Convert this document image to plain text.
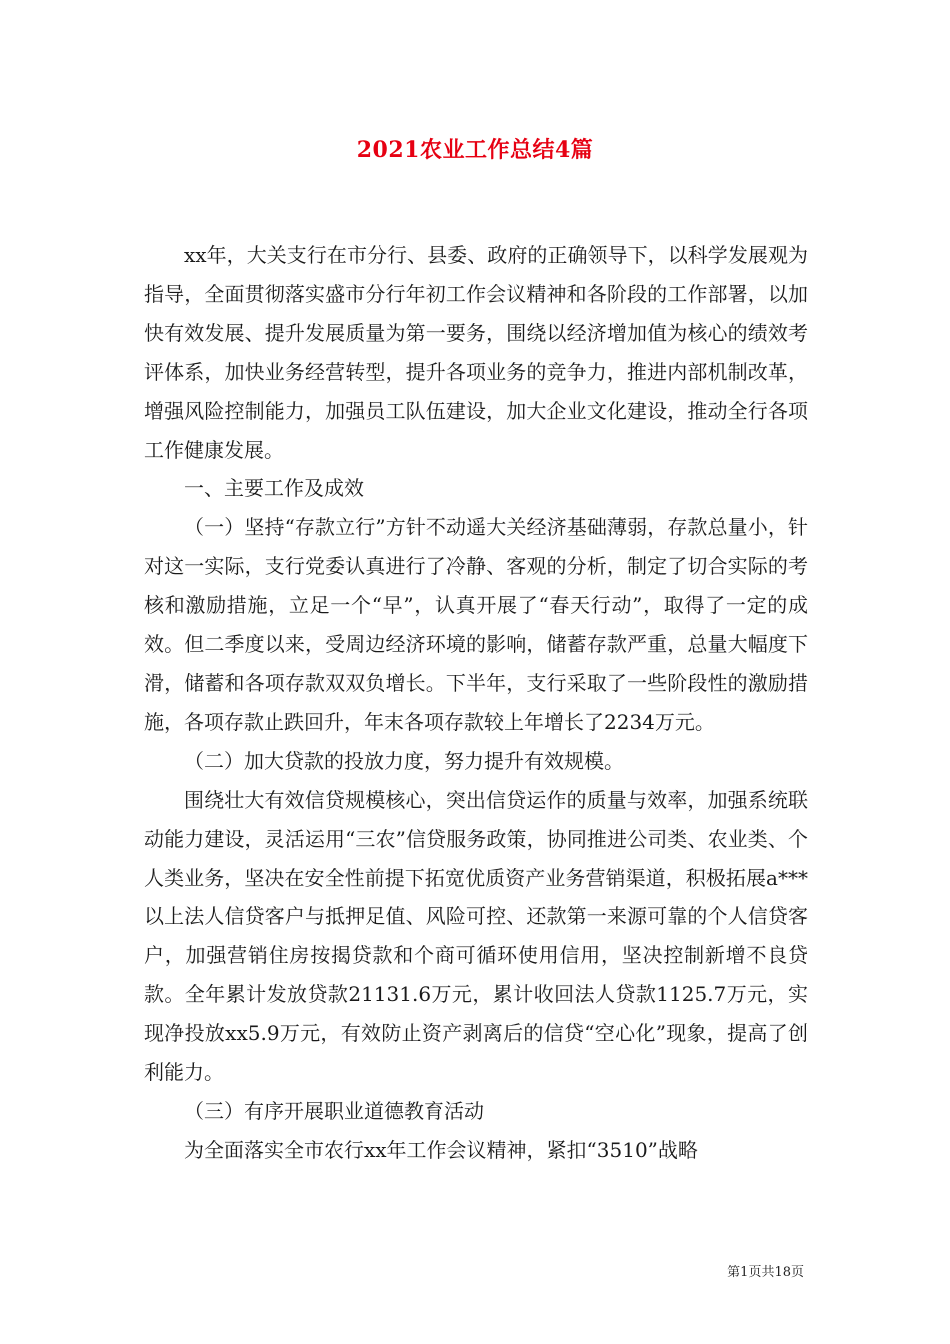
2021农业工作总结4篇

xx年，大关支行在市分行、县委、政府的正确领导下，以科学发展观为指导，全面贯彻落实盛市分行年初工作会议精神和各阶段的工作部署，以加快有效发展、提升发展质量为第一要务，围绕以经济增加值为核心的绩效考评体系，加快业务经营转型，提升各项业务的竞争力，推进内部机制改革，增强风险控制能力，加强员工队伍建设，加大企业文化建设，推动全行各项工作健康发展。

一、主要工作及成效

（一）坚持“存款立行”方针不动遥大关经济基础薄弱，存款总量小，针对这一实际，支行党委认真进行了冷静、客观的分析，制定了切合实际的考核和激励措施，立足一个“早”，认真开展了“春天行动”，取得了一定的成效。但二季度以来，受周边经济环境的影响，储蓄存款严重，总量大幅度下滑，储蓄和各项存款双双负增长。下半年，支行采取了一些阶段性的激励措施，各项存款止跌回升，年末各项存款较上年增长了2234万元。

（二）加大贷款的投放力度，努力提升有效规模。

围绕壮大有效信贷规模核心，突出信贷运作的质量与效率，加强系统联动能力建设，灵活运用“三农”信贷服务政策，协同推进公司类、农业类、个人类业务，坚决在安全性前提下拓宽优质资产业务营销渠道，积极拓展a***以上法人信贷客户与抵押足值、风险可控、还款第一来源可靠的个人信贷客户，加强营销住房按揭贷款和个商可循环使用信用，坚决控制新增不良贷款。全年累计发放贷款21131.6万元，累计收回法人贷款1125.7万元，实现净投放xx5.9万元，有效防止资产剥离后的信贷“空心化”现象，提高了创利能力。

（三）有序开展职业道德教育活动

为全面落实全市农行xx年工作会议精神，紧扣“3510”战略

第1页共18页
